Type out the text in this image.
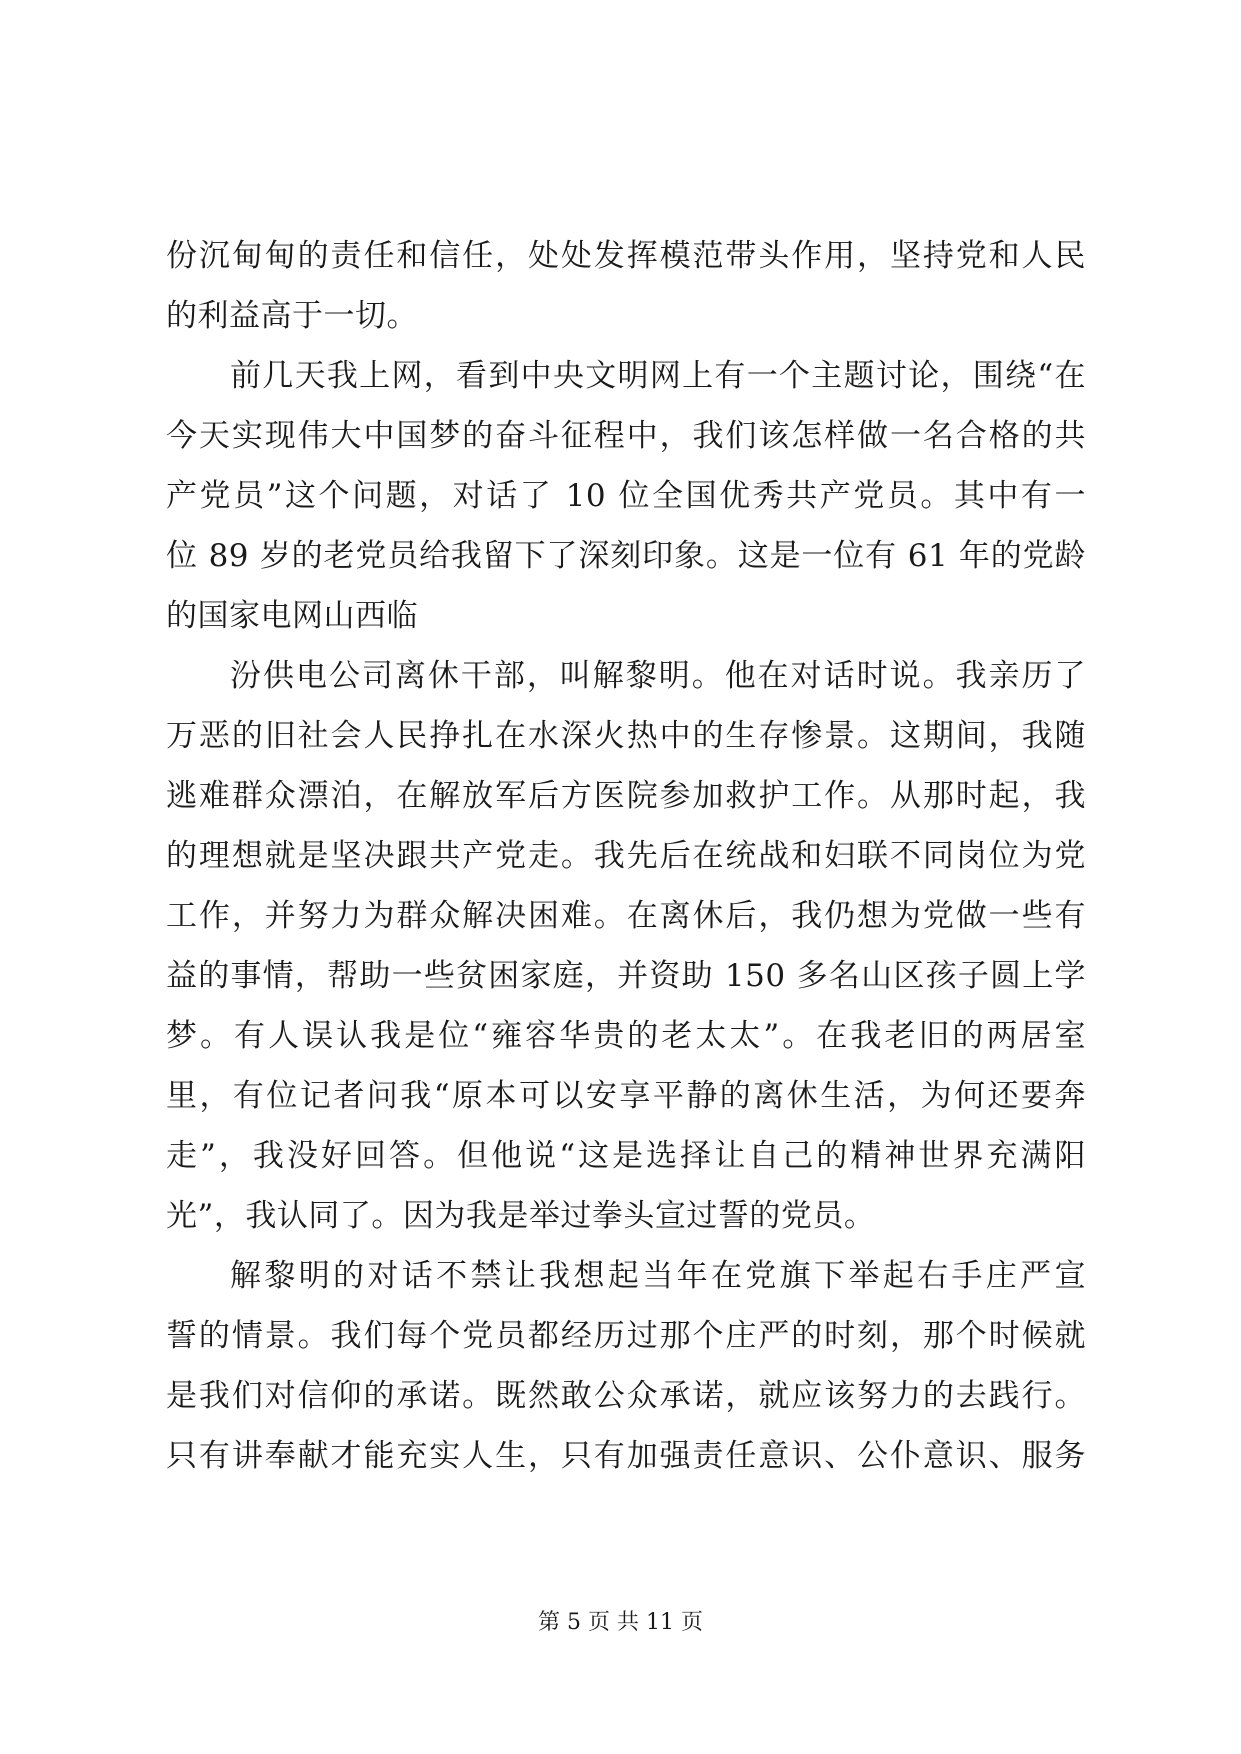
份沉甸甸的责任和信任，处处发挥模范带头作用，坚持党和人民
的利益高于一切。
前几天我上网，看到中央文明网上有一个主题讨论，围绕“在
今天实现伟大中国梦的奋斗征程中，我们该怎样做一名合格的共
产党员”这个问题，对话了 10 位全国优秀共产党员。其中有一
位 89 岁的老党员给我留下了深刻印象。这是一位有 61 年的党龄
的国家电网山西临
汾供电公司离休干部，叫解黎明。他在对话时说。我亲历了
万恶的旧社会人民挣扎在水深火热中的生存惨景。这期间，我随
逃难群众漂泊，在解放军后方医院参加救护工作。从那时起，我
的理想就是坚决跟共产党走。我先后在统战和妇联不同岗位为党
工作，并努力为群众解决困难。在离休后，我仍想为党做一些有
益的事情，帮助一些贫困家庭，并资助 150 多名山区孩子圆上学
梦。有人误认我是位“雍容华贵的老太太”。在我老旧的两居室
里，有位记者问我“原本可以安享平静的离休生活，为何还要奔
走”，我没好回答。但他说“这是选择让自己的精神世界充满阳
光”，我认同了。因为我是举过拳头宣过誓的党员。
解黎明的对话不禁让我想起当年在党旗下举起右手庄严宣
誓的情景。我们每个党员都经历过那个庄严的时刻，那个时候就
是我们对信仰的承诺。既然敢公众承诺，就应该努力的去践行。
只有讲奉献才能充实人生，只有加强责任意识、公仆意识、服务
第 5 页 共 11 页
